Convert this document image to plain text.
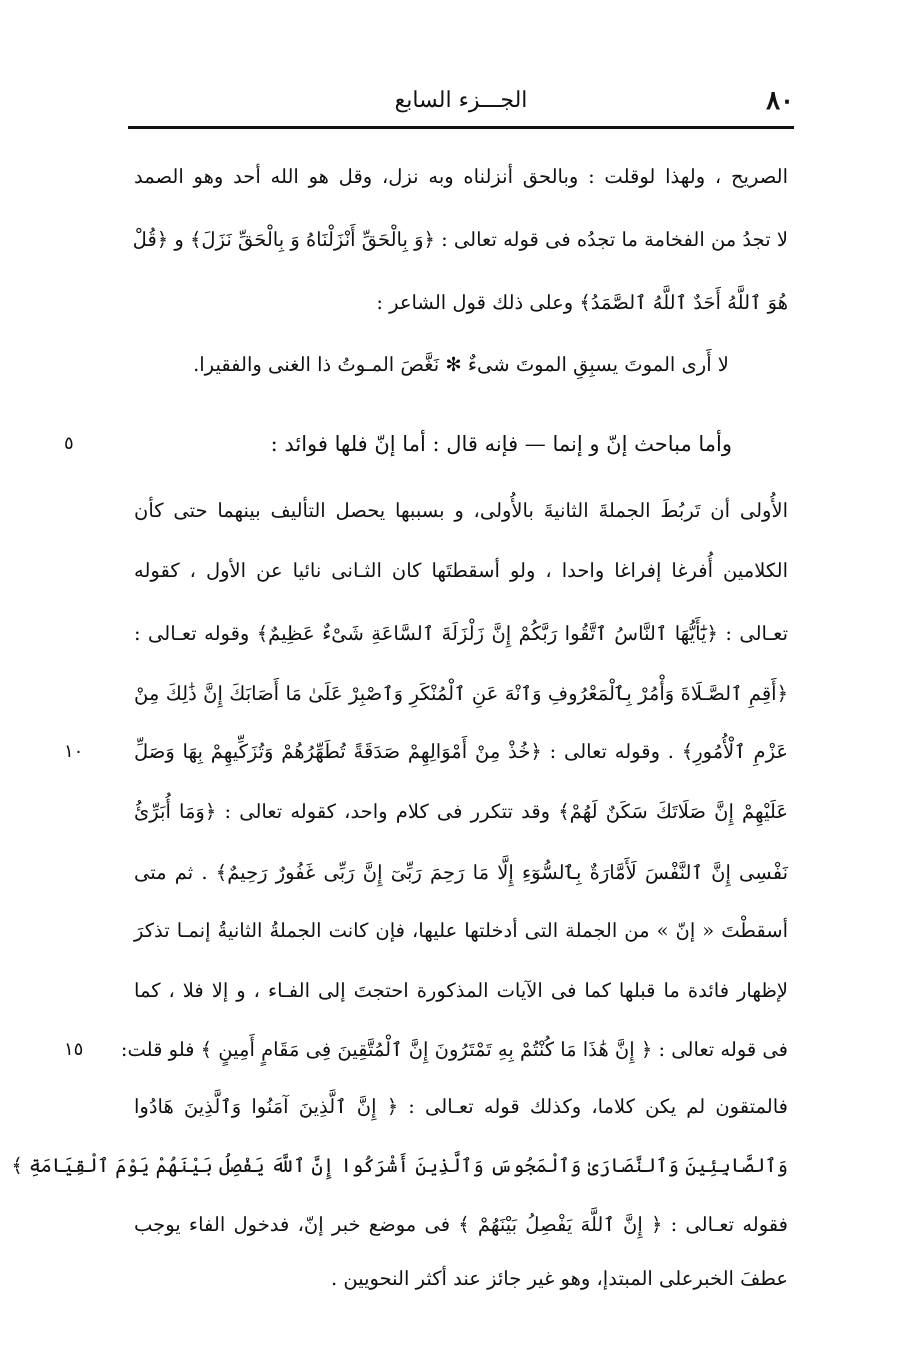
٨٠
الجـــزء السابع
الصريح ، ولهذا لوقلت : وبالحق أنزلناه وبه نزل، وقل هو الله أحد وهو الصمد
لا تجدُ من الفخامة ما تجدُه فى قوله تعالى : ﴿وَ بِالْحَقِّ أَنْزَلْنَاهُ وَ بِالْحَقِّ نَزَلَ﴾ و ﴿قُلْ
هُوَ ٱللَّهُ أَحَدٌ ٱللَّهُ ٱلصَّمَدُ﴾ وعلى ذلك قول الشاعر :
لا أَرى الموتَ يسبِقِ الموتَ شىءٌ ✻ نَغَّصَ المـوتُ ذا الغنى والفقيرا.
وأما مباحث إنّ و إنما — فإنه قال : أما إنّ فلها فوائد :
٥
الأُولى أن تَربُطَ الجملةَ الثانيةَ بالأُولى، و بسببها يحصل التأليف بينهما حتى كأن
الكلامين أُفرغا إفراغا واحدا ، ولو أسقطتَها كان الثـانى نائيا عن الأول ، كقوله
تعـالى : ﴿يَٰٓأَيُّهَا ٱلنَّاسُ ٱتَّقُوا رَبَّكُمْ إِنَّ زَلْزَلَةَ ٱلسَّاعَةِ شَىْءٌ عَظِيمٌ﴾ وقوله تعـالى :
﴿أَقِمِ ٱلصَّـلَاةَ وَأْمُرْ بِٱلْمَعْرُوفِ وَٱنْهَ عَنِ ٱلْمُنْكَرِ وَٱصْبِرْ عَلَىٰ مَا أَصَابَكَ إِنَّ ذَٰلِكَ مِنْ
عَزْمِ ٱلْأُمُورِ﴾ . وقوله تعالى : ﴿خُذْ مِنْ أَمْوَالِهِمْ صَدَقَةً تُطَهِّرُهُمْ وَتُزَكِّيهِمْ بِهَا وَصَلِّ
١٠
عَلَيْهِمْ إِنَّ صَلَاتَكَ سَكَنٌ لَهُمْ﴾ وقد تتكرر فى كلام واحد، كقوله تعالى : ﴿وَمَا أُبَرِّئُ
نَفْسِى إِنَّ ٱلنَّفْسَ لَأَمَّارَةٌ بِٱلسُّوٓءِ إِلَّا مَا رَحِمَ رَبِّىٓ إِنَّ رَبِّى غَفُورٌ رَحِيمٌ﴾ . ثم متى
أسقطْتَ « إنّ » من الجملة التى أدخلتها عليها، فإن كانت الجملةُ الثانيةُ إنمـا تذكرَ
لإظهار فائدة ما قبلها كما فى الآيات المذكورة احتجتَ إلى الفـاء ، و إلا فلا ، كما
فى قوله تعالى : ﴿ إِنَّ هَٰذَا مَا كُنْتُمْ بِهِ تَمْتَرُونَ إِنَّ ٱلْمُتَّقِينَ فِى مَقَامٍ أَمِينٍ ﴾ فلو قلت:
١٥
فالمتقون لم يكن كلاما، وكذلك قوله تعـالى : ﴿ إِنَّ ٱلَّذِينَ آمَنُوا وَٱلَّذِينَ هَادُوا
وَٱلصَّابِئِينَ وَٱلنَّصَارَىٰ وَٱلْمَجُوسَ وَٱلَّذِينَ أَشْرَكُوا إِنَّ ٱللَّهَ يَفْصِلُ بَيْنَهُمْ يَوْمَ ٱلْقِيَامَةِ ﴾
فقوله تعـالى : ﴿ إِنَّ ٱللَّهَ يَفْصِلُ بَيْنَهُمْ ﴾ فى موضع خبر إنّ، فدخول الفاء يوجب
عطفَ الخبرعلى المبتدإ، وهو غير جائز عند أكثر النحويين .
